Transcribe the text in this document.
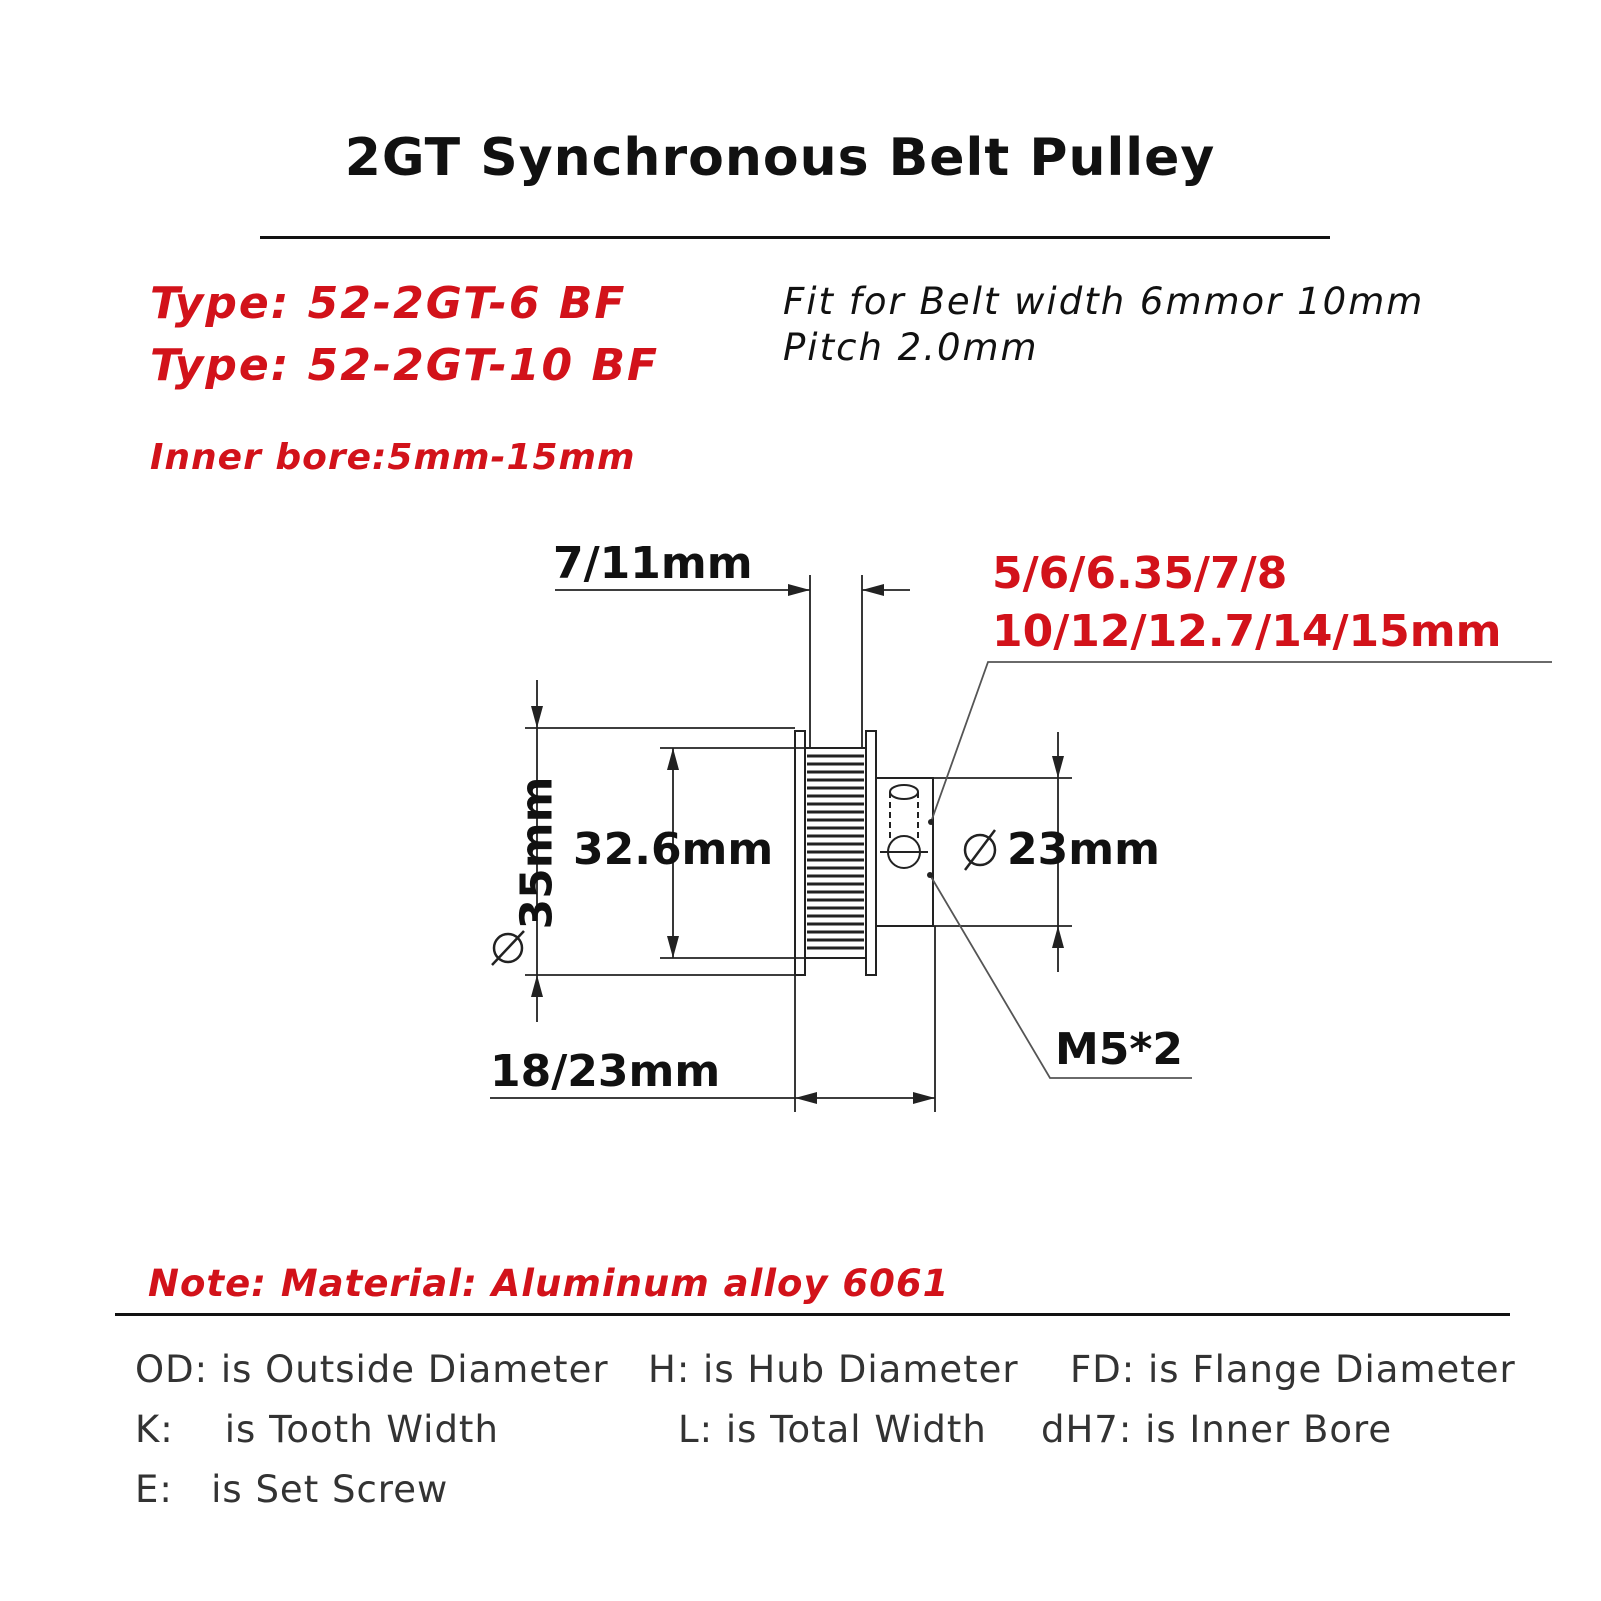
2GT Synchronous Belt Pulley
Type: 52-2GT-6 BF
Type: 52-2GT-10 BF
Inner bore:5mm-15mm
Fit for Belt width 6mmor 10mm
Pitch 2.0mm
7/11mm	5/6/6.35/7/8
10/12/12.7/14/15mm
35mm 32.6mm	23mm
M5*2
18/23mm
Note: Material: Aluminum alloy 6061
OD: is Outside Diameter H: is Hub Diameter FD: is Flange Diameter
K:    is Tooth Width	L: is Total Width dH7: is Inner Bore
E:   is Set Screw
